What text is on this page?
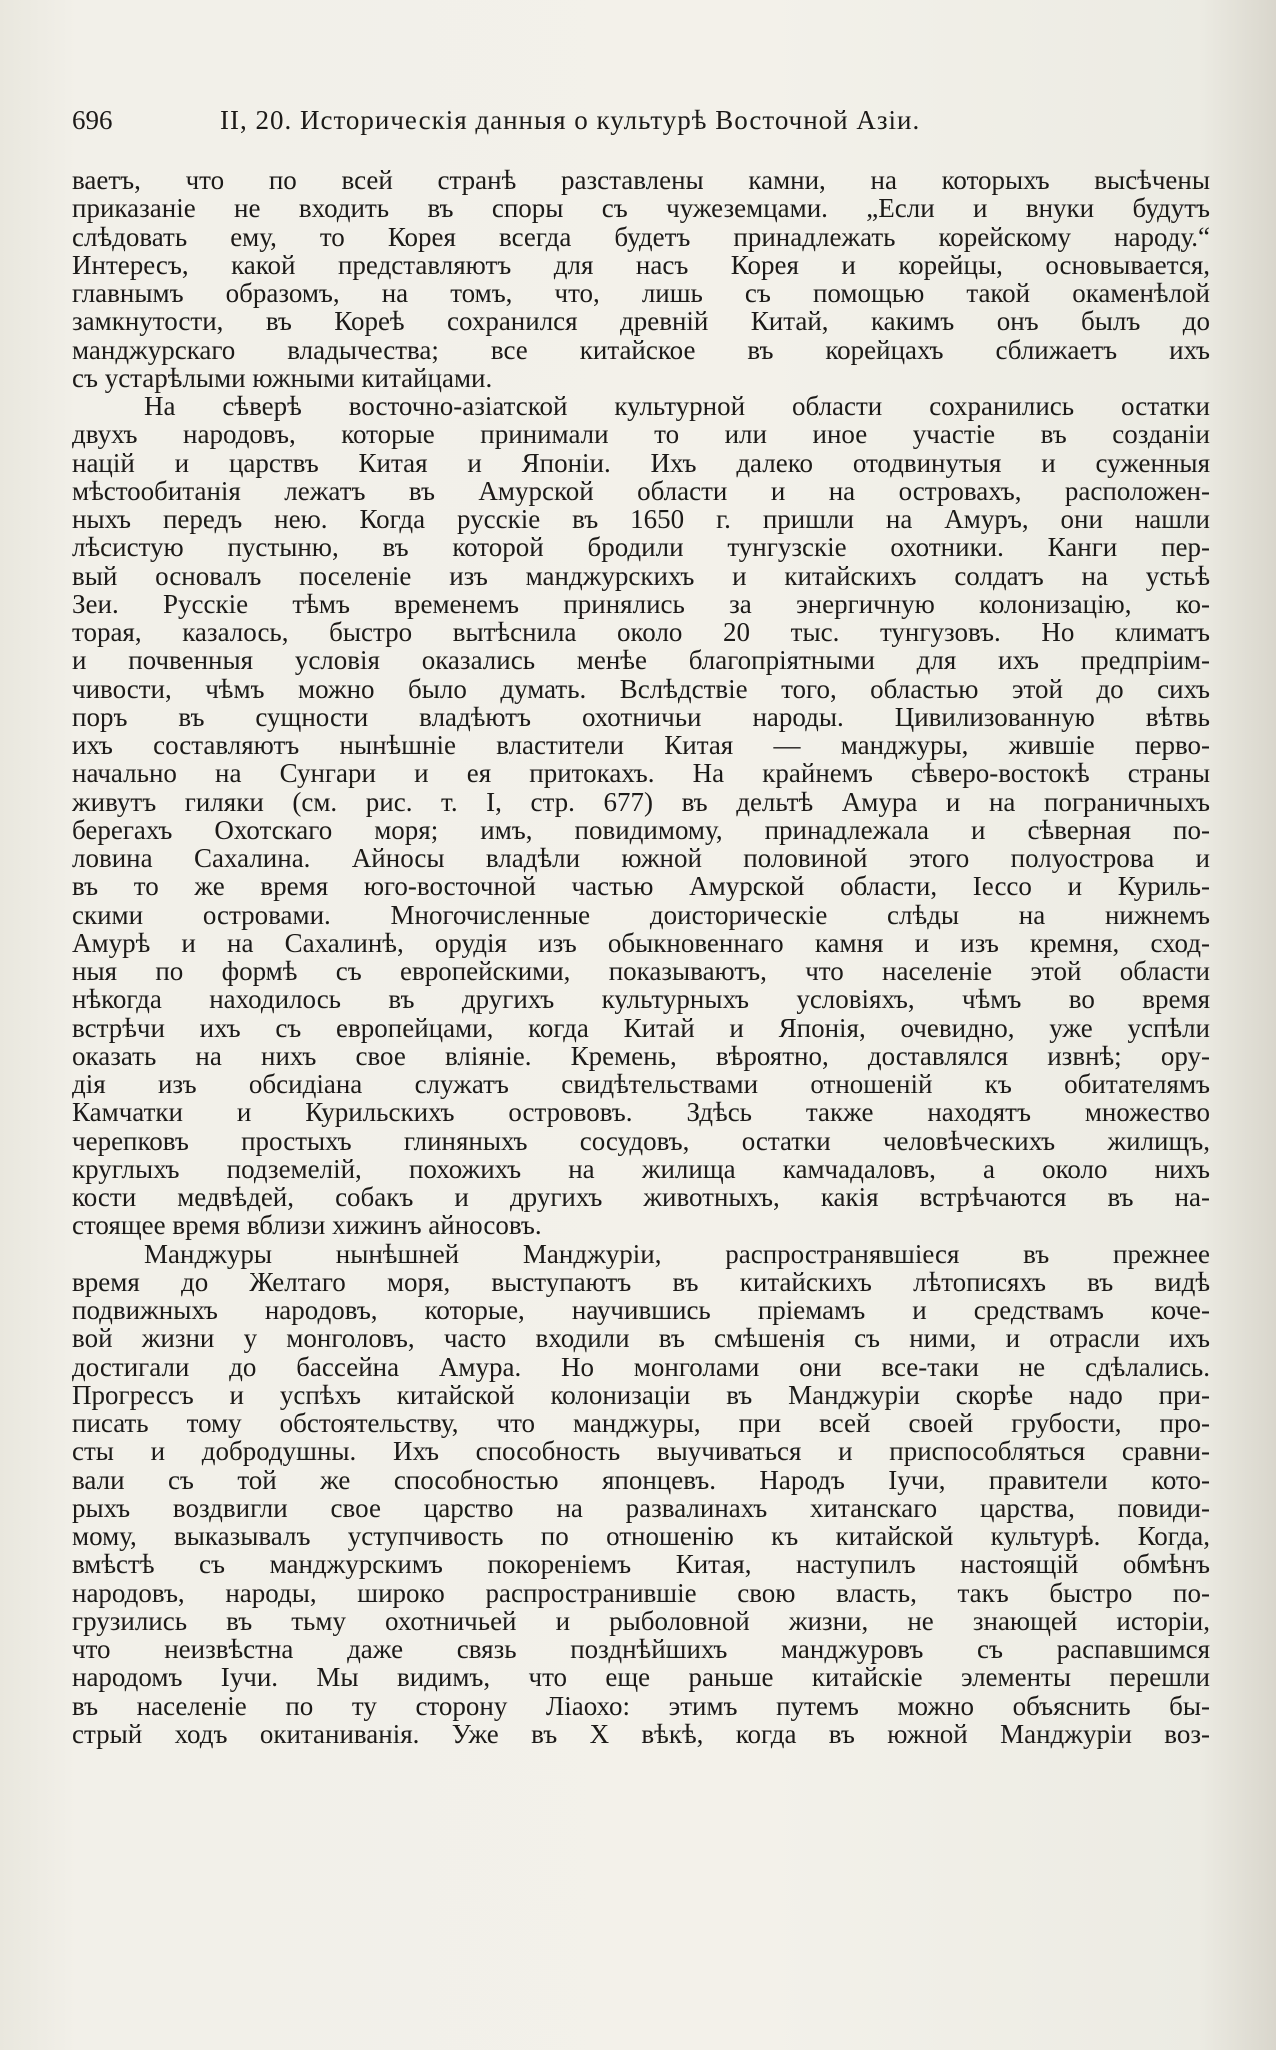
696	II, 20. Историческія данныя о культурѣ Восточной Азіи.
ваетъ, что по всей странѣ разставлены камни, на которыхъ высѣчены
приказаніе не входить въ споры съ чужеземцами. „Если и внуки будутъ
слѣдовать ему, то Корея всегда будетъ принадлежать корейскому народу.“
Интересъ, какой представляютъ для насъ Корея и корейцы, основывается,
главнымъ образомъ, на томъ, что, лишь съ помощью такой окаменѣлой
замкнутости, въ Кореѣ сохранился древній Китай, какимъ онъ былъ до
манджурскаго владычества; все китайское въ корейцахъ сближаетъ ихъ
съ устарѣлыми южными китайцами.
На сѣверѣ восточно-азіатской культурной области сохранились остатки
двухъ народовъ, которые принимали то или иное участіе въ созданіи
націй и царствъ Китая и Японіи. Ихъ далеко отодвинутыя и суженныя
мѣстообитанія лежатъ въ Амурской области и на островахъ, расположен-
ныхъ передъ нею. Когда русскіе въ 1650 г. пришли на Амуръ, они нашли
лѣсистую пустыню, въ которой бродили тунгузскіе охотники. Канги пер-
вый основалъ поселеніе изъ манджурскихъ и китайскихъ солдатъ на устьѣ
Зеи. Русскіе тѣмъ временемъ принялись за энергичную колонизацію, ко-
торая, казалось, быстро вытѣснила около 20 тыс. тунгузовъ. Но климатъ
и почвенныя условія оказались менѣе благопріятными для ихъ предпріим-
чивости, чѣмъ можно было думать. Вслѣдствіе того, областью этой до сихъ
поръ въ сущности владѣютъ охотничьи народы. Цивилизованную вѣтвь
ихъ составляютъ нынѣшніе властители Китая — манджуры, жившіе перво-
начально на Сунгари и ея притокахъ. На крайнемъ сѣверо-востокѣ страны
живутъ гиляки (см. рис. т. I, стр. 677) въ дельтѣ Амура и на пограничныхъ
берегахъ Охотскаго моря; имъ, повидимому, принадлежала и сѣверная по-
ловина Сахалина. Айносы владѣли южной половиной этого полуострова и
въ то же время юго-восточной частью Амурской области, Іессо и Куриль-
скими островами. Многочисленные доисторическіе слѣды на нижнемъ
Амурѣ и на Сахалинѣ, орудія изъ обыкновеннаго камня и изъ кремня, сход-
ныя по формѣ съ европейскими, показываютъ, что населеніе этой области
нѣкогда находилось въ другихъ культурныхъ условіяхъ, чѣмъ во время
встрѣчи ихъ съ европейцами, когда Китай и Японія, очевидно, уже успѣли
оказать на нихъ свое вліяніе. Кремень, вѣроятно, доставлялся извнѣ; ору-
дія изъ обсидіана служатъ свидѣтельствами отношеній къ обитателямъ
Камчатки и Курильскихъ острововъ. Здѣсь также находятъ множество
черепковъ простыхъ глиняныхъ сосудовъ, остатки человѣческихъ жилищъ,
круглыхъ подземелій, похожихъ на жилища камчадаловъ, а около нихъ
кости медвѣдей, собакъ и другихъ животныхъ, какія встрѣчаются въ на-
стоящее время вблизи хижинъ айносовъ.
Манджуры нынѣшней Манджуріи, распространявшіеся въ прежнее
время до Желтаго моря, выступаютъ въ китайскихъ лѣтописяхъ въ видѣ
подвижныхъ народовъ, которые, научившись пріемамъ и средствамъ коче-
вой жизни у монголовъ, часто входили въ смѣшенія съ ними, и отрасли ихъ
достигали до бассейна Амура. Но монголами они все-таки не сдѣлались.
Прогрессъ и успѣхъ китайской колонизаціи въ Манджуріи скорѣе надо при-
писать тому обстоятельству, что манджуры, при всей своей грубости, про-
сты и добродушны. Ихъ способность выучиваться и приспособляться сравни-
вали съ той же способностью японцевъ. Народъ Іучи, правители кото-
рыхъ воздвигли свое царство на развалинахъ хитанскаго царства, повиди-
мому, выказывалъ уступчивость по отношенію къ китайской культурѣ. Когда,
вмѣстѣ съ манджурскимъ покореніемъ Китая, наступилъ настоящій обмѣнъ
народовъ, народы, широко распространившіе свою власть, такъ быстро по-
грузились въ тьму охотничьей и рыболовной жизни, не знающей исторіи,
что неизвѣстна даже связь позднѣйшихъ манджуровъ съ распавшимся
народомъ Іучи. Мы видимъ, что еще раньше китайскіе элементы перешли
въ населеніе по ту сторону Ліаохо: этимъ путемъ можно объяснить бы-
стрый ходъ окитаниванія. Уже въ X вѣкѣ, когда въ южной Манджуріи воз-
